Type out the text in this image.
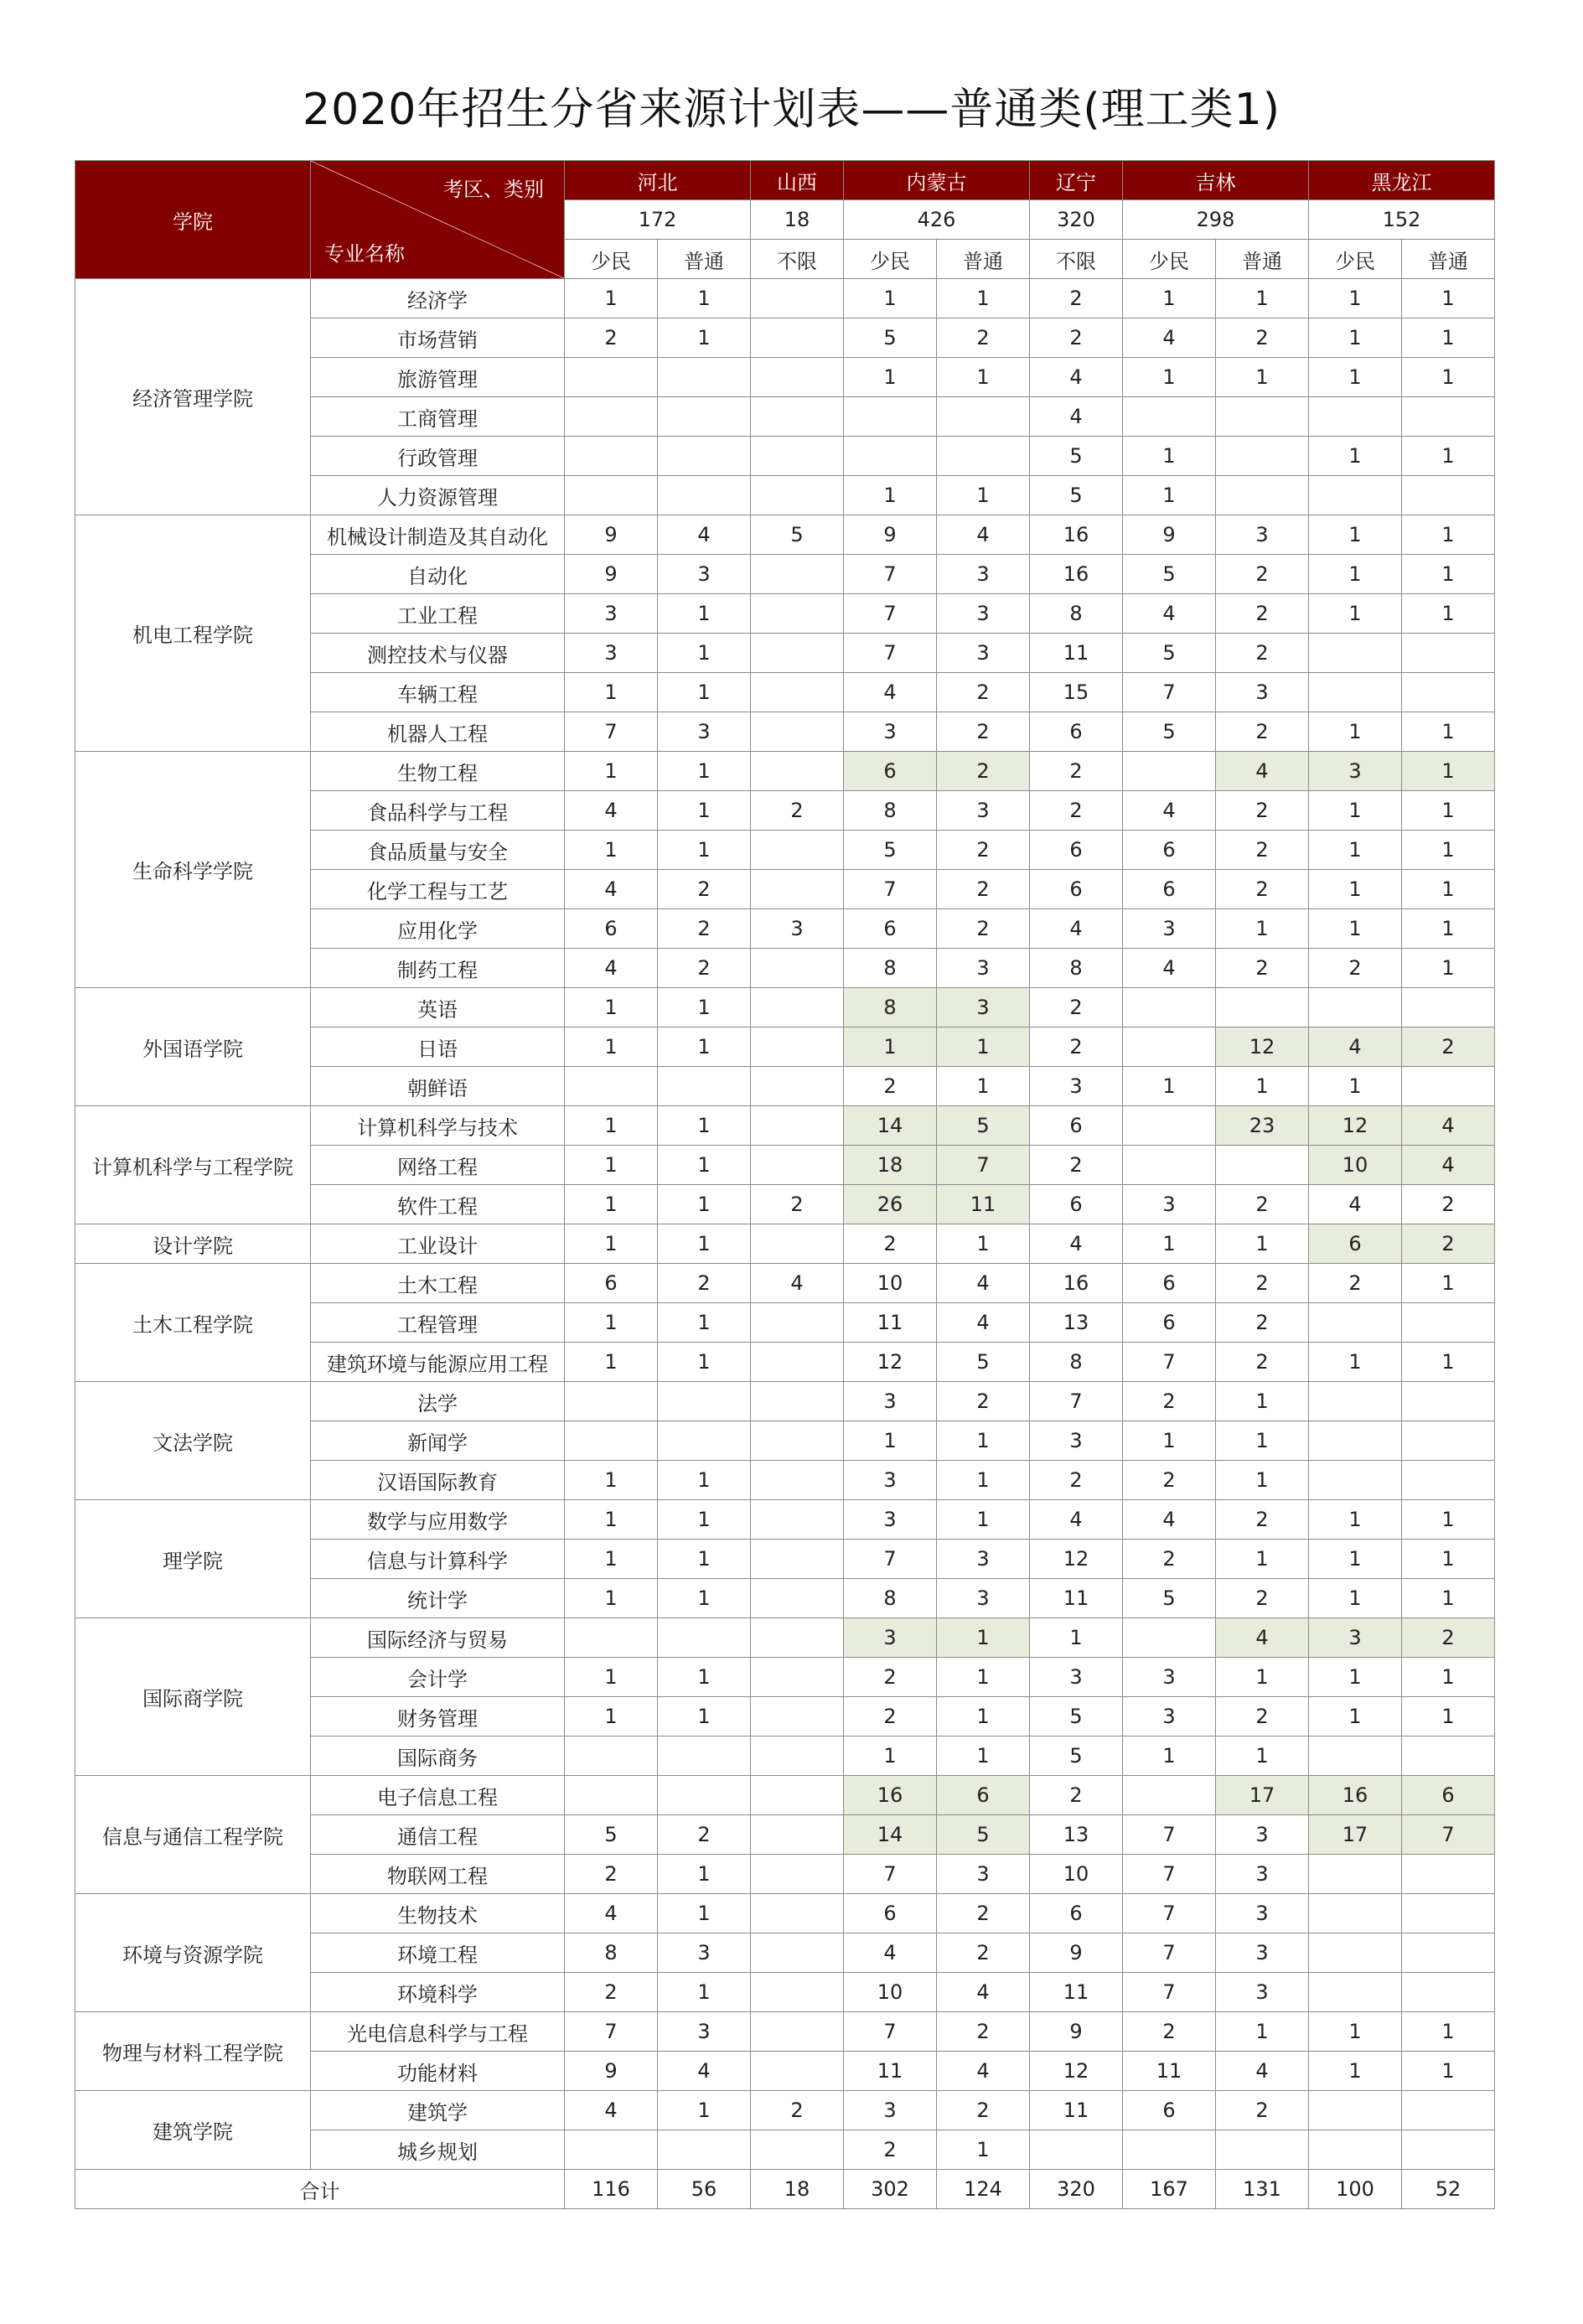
2020年招生分省来源计划表——普通类(理工类1)
学院	考区、类别
专业名称	河北		山西	内蒙古		辽宁	吉林		黑龙江	
		172		18	426		320	298		152	
		少民	普通	不限	少民	普通	不限	少民	普通	少民	普通
经济管理学院	经济学	1	1		1	1	2	1	1	1	1
	市场营销	2	1		5	2	2	4	2	1	1
	旅游管理				1	1	4	1	1	1	1
	工商管理						4				
	行政管理						5	1		1	1
	人力资源管理				1	1	5	1			
机电工程学院	机械设计制造及其自动化	9	4	5	9	4	16	9	3	1	1
	自动化	9	3		7	3	16	5	2	1	1
	工业工程	3	1		7	3	8	4	2	1	1
	测控技术与仪器	3	1		7	3	11	5	2		
	车辆工程	1	1		4	2	15	7	3		
	机器人工程	7	3		3	2	6	5	2	1	1
生命科学学院	生物工程	1	1		6	2	2		4	3	1
	食品科学与工程	4	1	2	8	3	2	4	2	1	1
	食品质量与安全	1	1		5	2	6	6	2	1	1
	化学工程与工艺	4	2		7	2	6	6	2	1	1
	应用化学	6	2	3	6	2	4	3	1	1	1
	制药工程	4	2		8	3	8	4	2	2	1
外国语学院	英语	1	1		8	3	2				
	日语	1	1		1	1	2		12	4	2
	朝鲜语				2	1	3	1	1	1	
计算机科学与工程学院	计算机科学与技术	1	1		14	5	6		23	12	4
	网络工程	1	1		18	7	2			10	4
	软件工程	1	1	2	26	11	6	3	2	4	2
设计学院	工业设计	1	1		2	1	4	1	1	6	2
土木工程学院	土木工程	6	2	4	10	4	16	6	2	2	1
	工程管理	1	1		11	4	13	6	2		
	建筑环境与能源应用工程	1	1		12	5	8	7	2	1	1
文法学院	法学				3	2	7	2	1		
	新闻学				1	1	3	1	1		
	汉语国际教育	1	1		3	1	2	2	1		
理学院	数学与应用数学	1	1		3	1	4	4	2	1	1
	信息与计算科学	1	1		7	3	12	2	1	1	1
	统计学	1	1		8	3	11	5	2	1	1
国际商学院	国际经济与贸易				3	1	1		4	3	2
	会计学	1	1		2	1	3	3	1	1	1
	财务管理	1	1		2	1	5	3	2	1	1
	国际商务				1	1	5	1	1		
信息与通信工程学院	电子信息工程				16	6	2		17	16	6
	通信工程	5	2		14	5	13	7	3	17	7
	物联网工程	2	1		7	3	10	7	3		
环境与资源学院	生物技术	4	1		6	2	6	7	3		
	环境工程	8	3		4	2	9	7	3		
	环境科学	2	1		10	4	11	7	3		
物理与材料工程学院	光电信息科学与工程	7	3		7	2	9	2	1	1	1
	功能材料	9	4		11	4	12	11	4	1	1
建筑学院	建筑学	4	1	2	3	2	11	6	2		
	城乡规划				2	1					
合计		116	56	18	302	124	320	167	131	100	52
